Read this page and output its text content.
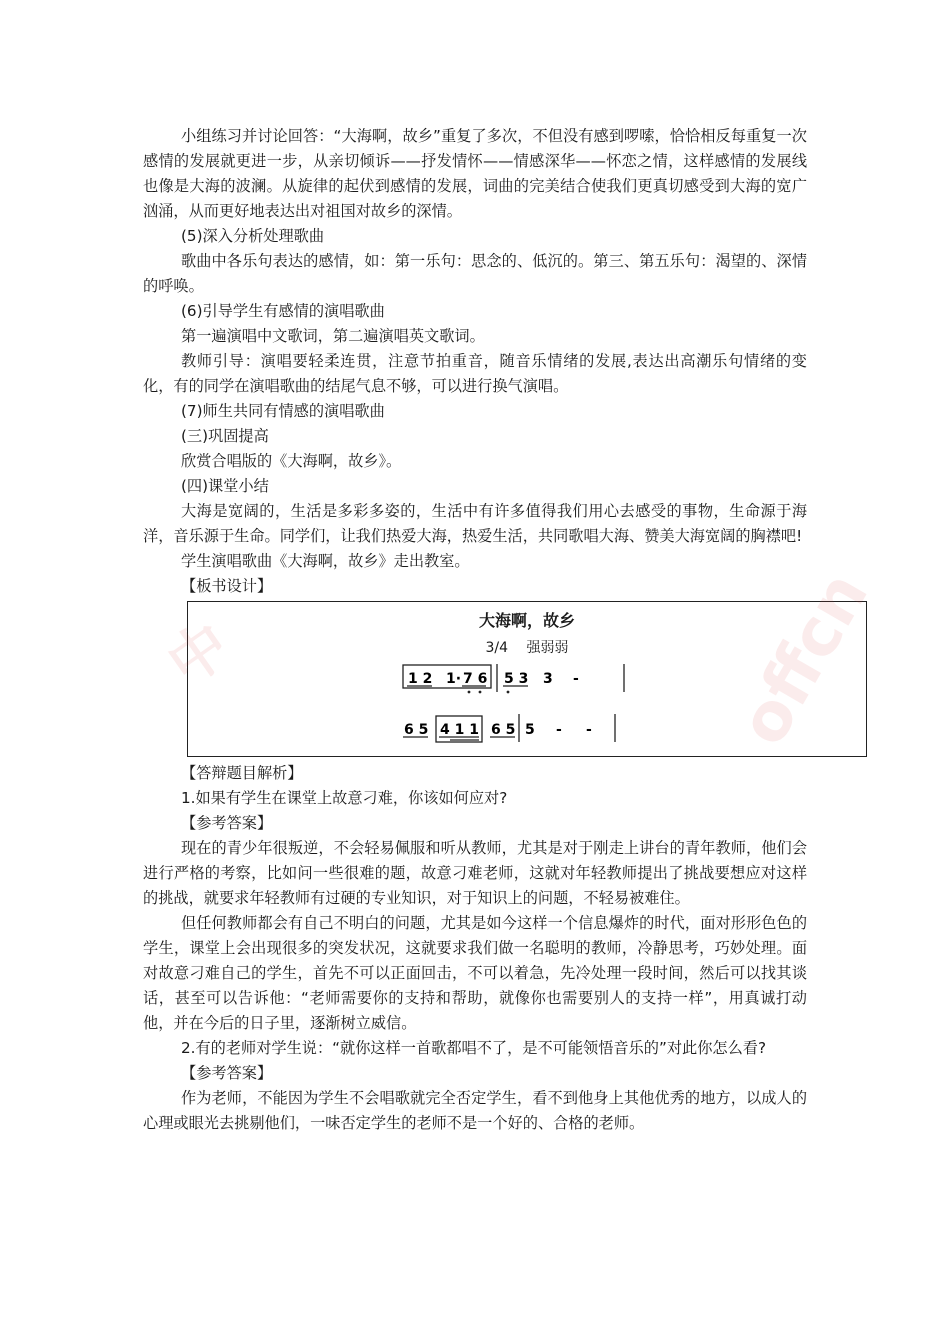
小组练习并讨论回答：“大海啊，故乡”重复了多次，不但没有感到啰嗦，恰恰相反每重复一次感情的发展就更进一步，从亲切倾诉——抒发情怀——情感深华——怀恋之情，这样感情的发展线也像是大海的波澜。从旋律的起伏到感情的发展，词曲的完美结合使我们更真切感受到大海的宽广汹涌，从而更好地表达出对祖国对故乡的深情。

(5)深入分析处理歌曲

歌曲中各乐句表达的感情，如：第一乐句：思念的、低沉的。第三、第五乐句：渴望的、深情的呼唤。

(6)引导学生有感情的演唱歌曲

第一遍演唱中文歌词，第二遍演唱英文歌词。

教师引导：演唱要轻柔连贯，注意节拍重音，随音乐情绪的发展,表达出高潮乐句情绪的变化，有的同学在演唱歌曲的结尾气息不够，可以进行换气演唱。

(7)师生共同有情感的演唱歌曲

(三)巩固提高

欣赏合唱版的《大海啊，故乡》。

(四)课堂小结

大海是宽阔的，生活是多彩多姿的，生活中有许多值得我们用心去感受的事物，生命源于海洋，音乐源于生命。同学们，让我们热爱大海，热爱生活，共同歌唱大海、赞美大海宽阔的胸襟吧!

学生演唱歌曲《大海啊，故乡》走出教室。

【板书设计】

中	offcn
大海啊，故乡
3/4　 强弱弱
1 2 1· 7 6 5 3 3 -
6 5 4 1 1 6 5 5 - -

【答辩题目解析】

1.如果有学生在课堂上故意刁难，你该如何应对?

【参考答案】

现在的青少年很叛逆，不会轻易佩服和听从教师，尤其是对于刚走上讲台的青年教师，他们会进行严格的考察，比如问一些很难的题，故意刁难老师，这就对年轻教师提出了挑战要想应对这样的挑战，就要求年轻教师有过硬的专业知识，对于知识上的问题，不轻易被难住。

但任何教师都会有自己不明白的问题，尤其是如今这样一个信息爆炸的时代，面对形形色色的学生，课堂上会出现很多的突发状况，这就要求我们做一名聪明的教师，冷静思考，巧妙处理。面对故意刁难自己的学生，首先不可以正面回击，不可以着急，先冷处理一段时间，然后可以找其谈话，甚至可以告诉他：“老师需要你的支持和帮助，就像你也需要别人的支持一样”，用真诚打动他，并在今后的日子里，逐渐树立威信。

2.有的老师对学生说：“就你这样一首歌都唱不了，是不可能领悟音乐的”对此你怎么看?

【参考答案】

作为老师，不能因为学生不会唱歌就完全否定学生，看不到他身上其他优秀的地方，以成人的心理或眼光去挑剔他们，一味否定学生的老师不是一个好的、合格的老师。
